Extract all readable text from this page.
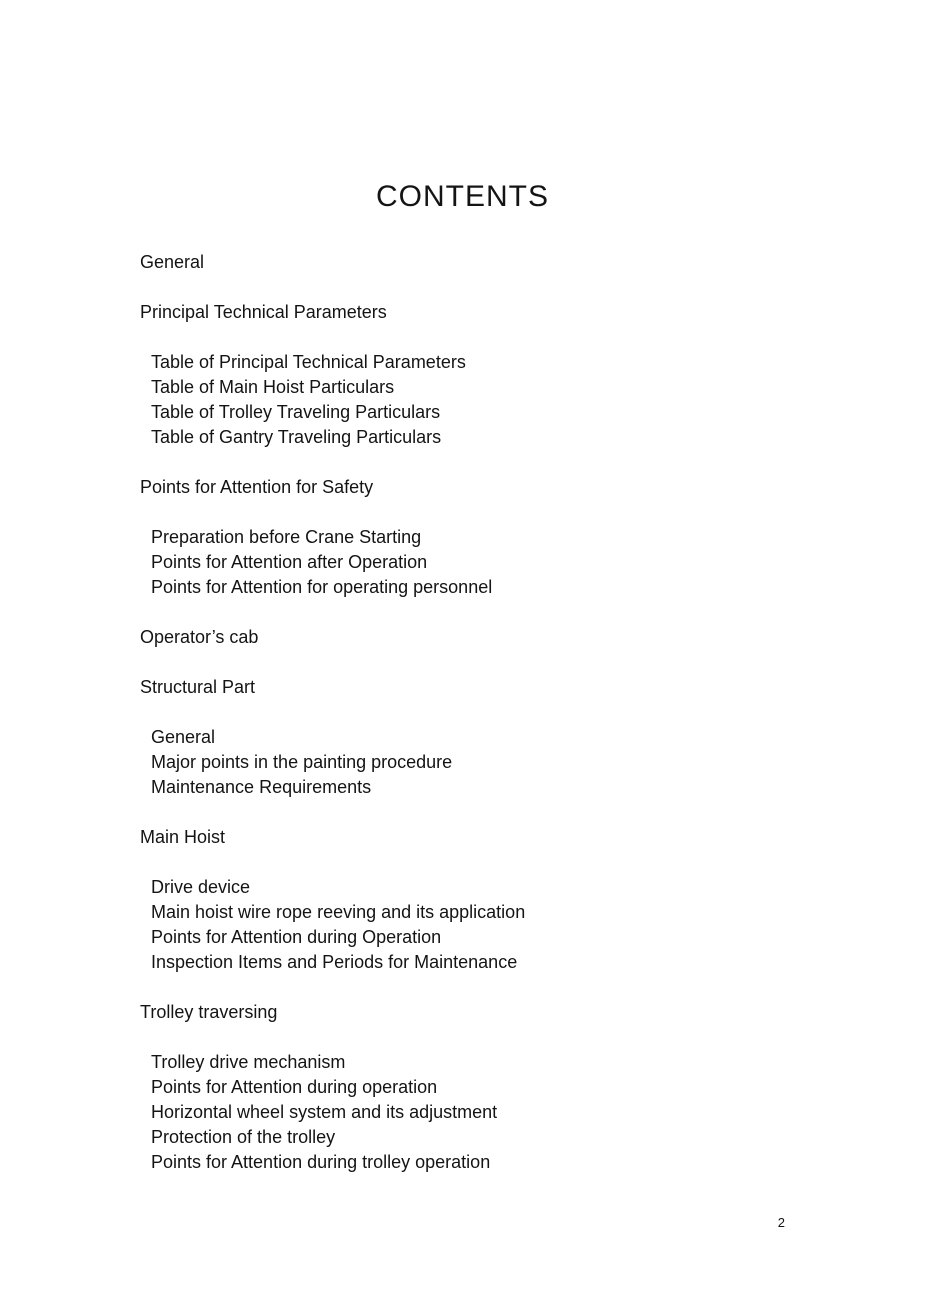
CONTENTS

General

Principal Technical Parameters

Table of Principal Technical Parameters
Table of Main Hoist Particulars
Table of Trolley Traveling Particulars
Table of Gantry Traveling Particulars

Points for Attention for Safety

Preparation before Crane Starting
Points for Attention after Operation
Points for Attention for operating personnel

Operator’s cab

Structural Part

General
Major points in the painting procedure
Maintenance Requirements

Main Hoist

Drive device
Main hoist wire rope reeving and its application
Points for Attention during Operation
Inspection Items and Periods for Maintenance

Trolley traversing

Trolley drive mechanism
Points for Attention during operation
Horizontal wheel system and its adjustment
Protection of the trolley
Points for Attention during trolley operation
2
